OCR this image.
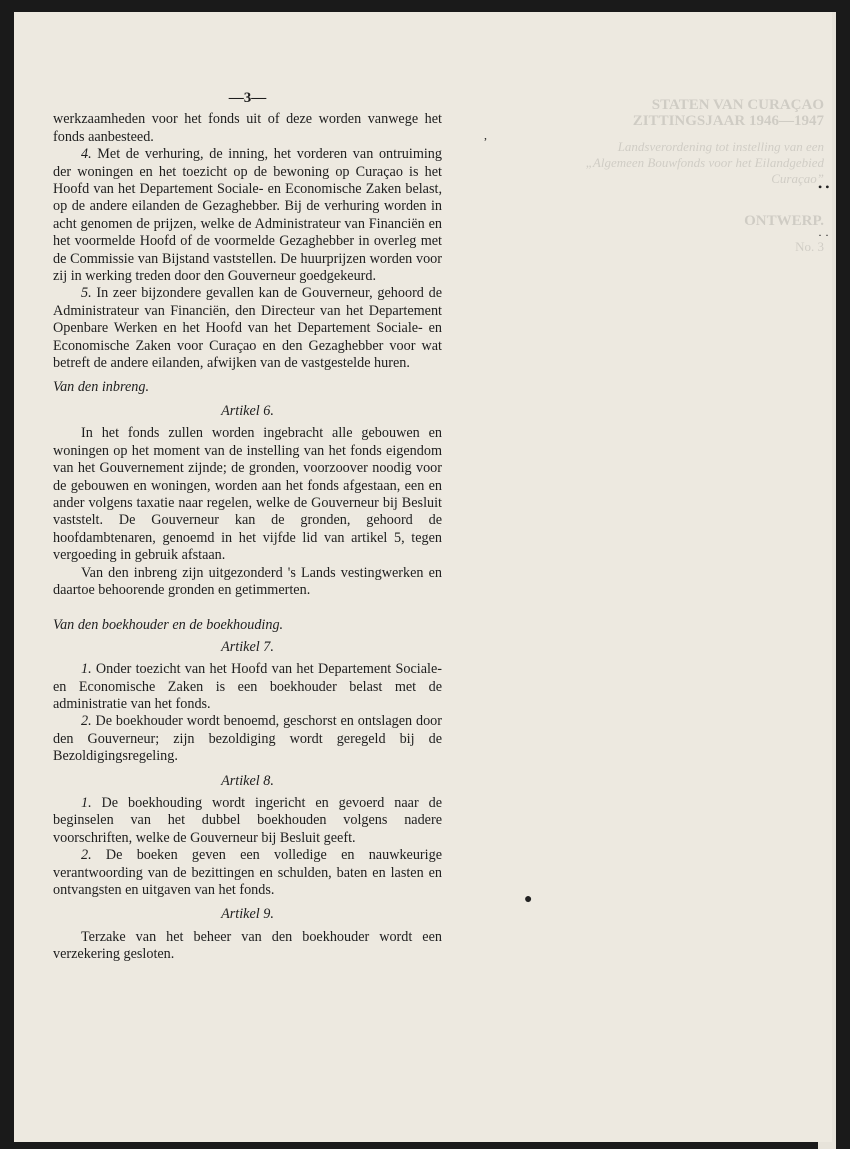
STATEN VAN CURAÇAO
ZITTINGSJAAR 1946—1947
Landsverordening tot instelling van een
„Algemeen Bouwfonds voor het Eilandgebied Curaçao”
ONTWERP.
No. 3
,
• •
· ·
●
—3—

werkzaamheden voor het fonds uit of deze worden vanwege het fonds aanbesteed.

4. Met de verhuring, de inning, het vorderen van ontruiming der woningen en het toezicht op de bewoning op Curaçao is het Hoofd van het Departement Sociale- en Economische Zaken belast, op de andere eilanden de Gezaghebber. Bij de verhuring worden in acht genomen de prijzen, welke de Administrateur van Financiën en het voormelde Hoofd of de voormelde Gezaghebber in overleg met de Commissie van Bijstand vaststellen. De huurprijzen worden voor zij in werking treden door den Gouverneur goedgekeurd.

5. In zeer bijzondere gevallen kan de Gouverneur, gehoord de Administrateur van Financiën, den Directeur van het Departement Openbare Werken en het Hoofd van het Departement Sociale- en Economische Zaken voor Curaçao en den Gezaghebber voor wat betreft de andere eilanden, afwijken van de vastgestelde huren.

Van den inbreng.

Artikel 6.

In het fonds zullen worden ingebracht alle gebouwen en woningen op het moment van de instelling van het fonds eigendom van het Gouvernement zijnde; de gronden, voorzoover noodig voor de gebouwen en woningen, worden aan het fonds afgestaan, een en ander volgens taxatie naar regelen, welke de Gouverneur bij Besluit vaststelt. De Gouverneur kan de gronden, gehoord de hoofdambtenaren, genoemd in het vijfde lid van artikel 5, tegen vergoeding in gebruik afstaan.

Van den inbreng zijn uitgezonderd 's Lands vestingwerken en daartoe behoorende gronden en getimmerten.

Van den boekhouder en de boekhouding.

Artikel 7.

1. Onder toezicht van het Hoofd van het Departement Sociale- en Economische Zaken is een boekhouder belast met de administratie van het fonds.

2. De boekhouder wordt benoemd, geschorst en ontslagen door den Gouverneur; zijn bezoldiging wordt geregeld bij de Bezoldigingsregeling.

Artikel 8.

1. De boekhouding wordt ingericht en gevoerd naar de beginselen van het dubbel boekhouden volgens nadere voorschriften, welke de Gouverneur bij Besluit geeft.

2. De boeken geven een volledige en nauwkeurige verantwoording van de bezittingen en schulden, baten en lasten en ontvangsten en uitgaven van het fonds.

Artikel 9.

Terzake van het beheer van den boekhouder wordt een verzekering gesloten.
